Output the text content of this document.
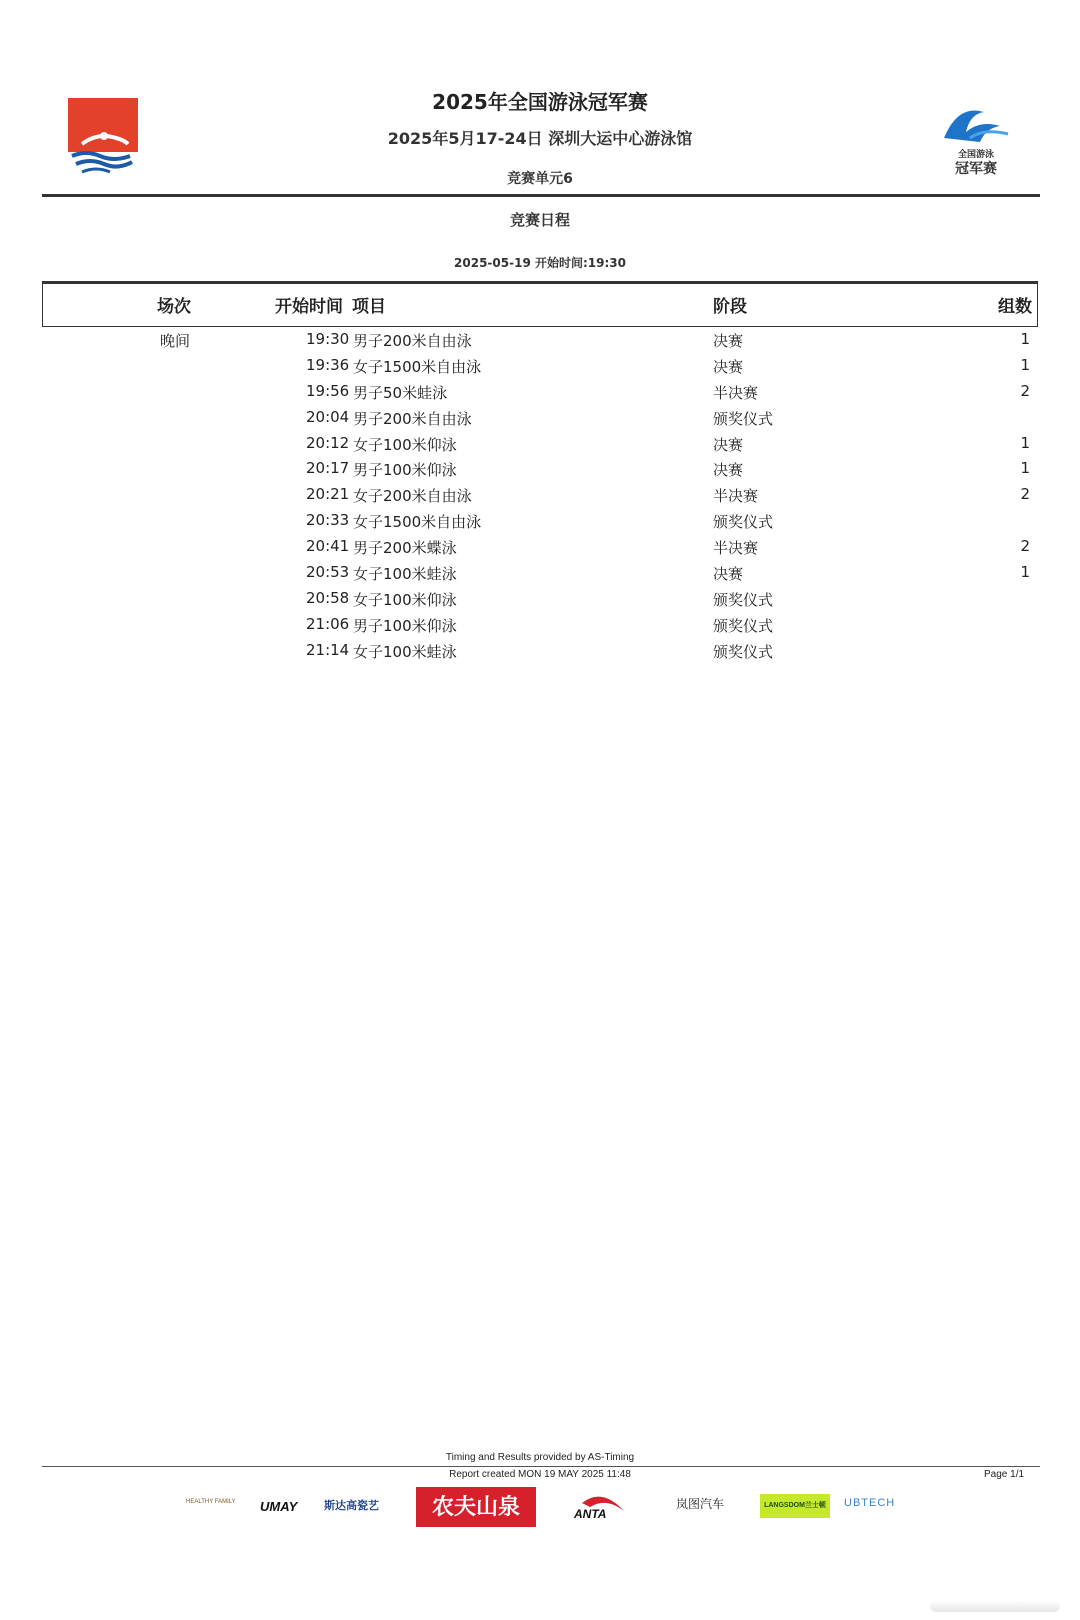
全国游泳
冠军赛
2025年全国游泳冠军赛
2025年5月17-24日 深圳大运中心游泳馆
竞赛单元6
竞赛日程
2025-05-19 开始时间:19:30
场次	开始时间 项目	阶段	组数
晚间	19:30 男子200米自由泳	决赛	1
19:36 女子1500米自由泳	决赛	1
19:56 男子50米蛙泳	半决赛	2
20:04 男子200米自由泳	颁奖仪式
20:12 女子100米仰泳	决赛	1
20:17 男子100米仰泳	决赛	1
20:21 女子200米自由泳	半决赛	2
20:33 女子1500米自由泳	颁奖仪式
20:41 男子200米蝶泳	半决赛	2
20:53 女子100米蛙泳	决赛	1
20:58 女子100米仰泳	颁奖仪式
21:06 男子100米仰泳	颁奖仪式
21:14 女子100米蛙泳	颁奖仪式
Timing and Results provided by AS-Timing
Report created MON 19 MAY 2025 11:48	Page 1/1
HEALTHY FAMILY UMAY 斯达高瓷艺	农夫山泉	ANTA
岚图汽车	LANGSDOM兰士顿	UBTECH
